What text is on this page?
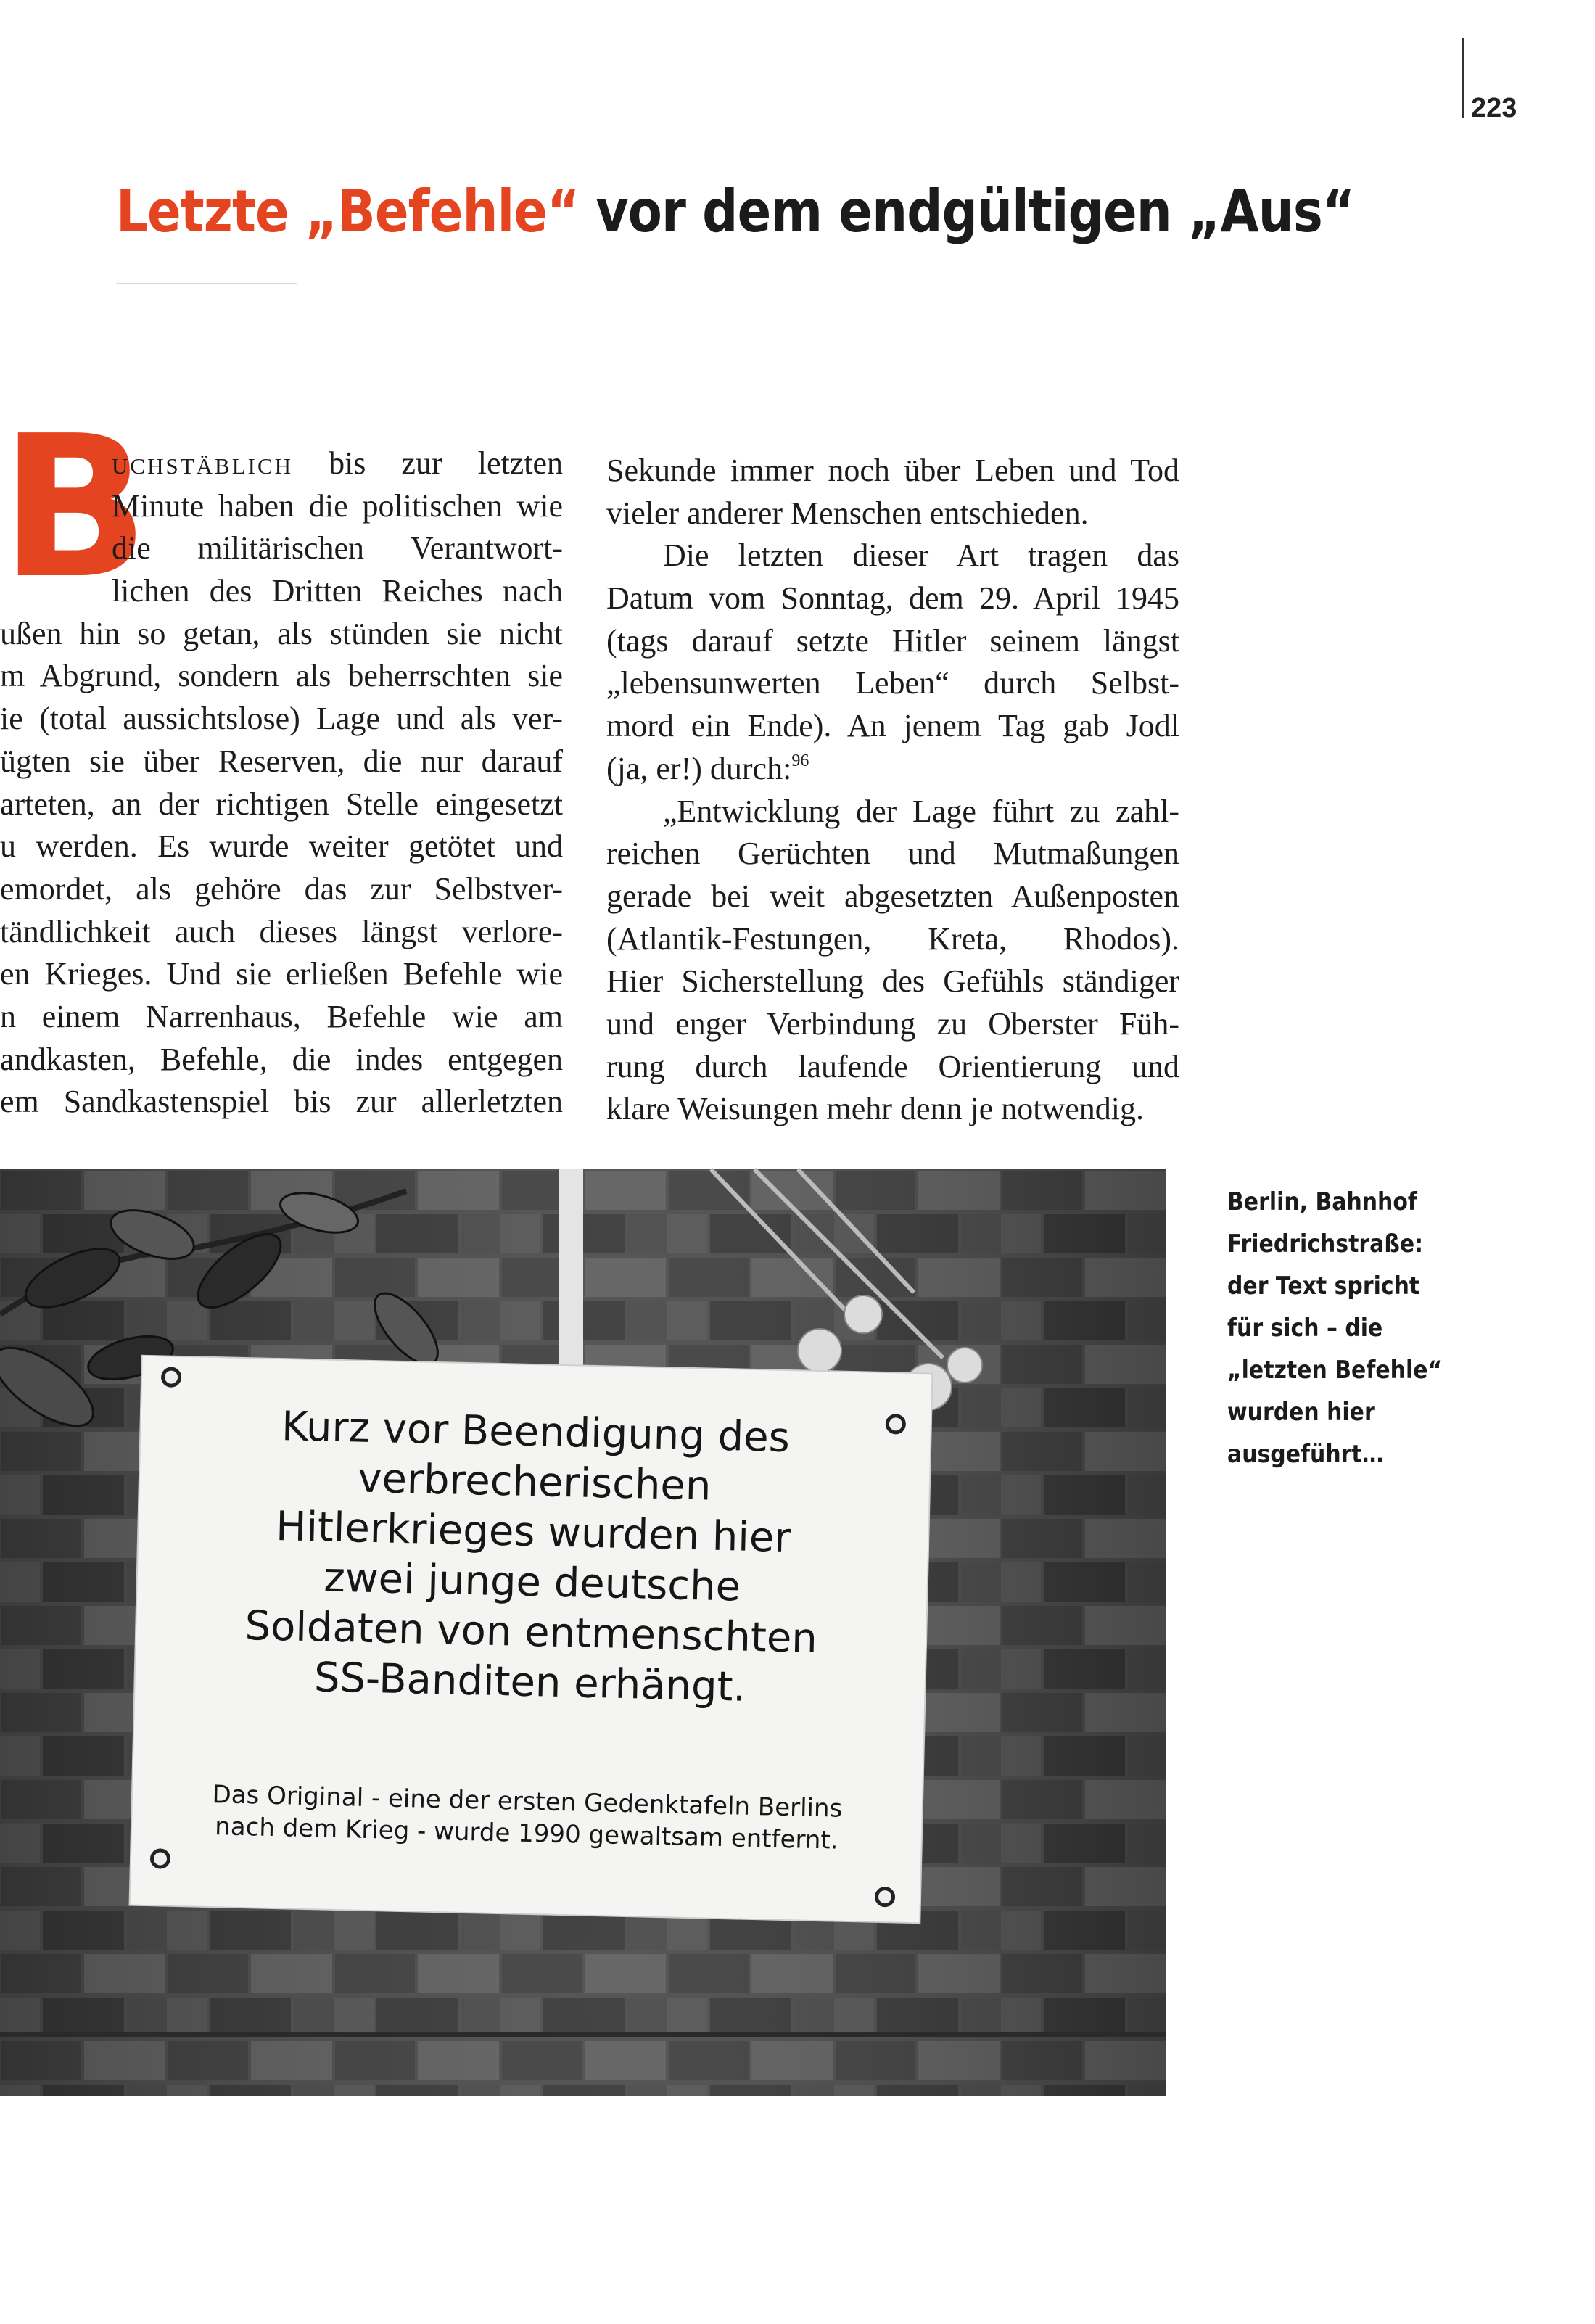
223
Letzte „Befehle“ vor dem endgültigen „Aus“
B
uchstäblich bis zur letzten
Minute haben die politischen wie
die militärischen Verantwort-
lichen des Dritten Reiches nach
ußen hin so getan, als stünden sie nicht
m Abgrund, sondern als beherrschten sie
ie (total aussichtslose) Lage und als ver-
ügten sie über Reserven, die nur darauf
arteten, an der richtigen Stelle eingesetzt
u werden. Es wurde weiter getötet und
emordet, als gehöre das zur Selbstver-
tändlichkeit auch dieses längst verlore-
en Krieges. Und sie erließen Befehle wie
n einem Narrenhaus, Befehle wie am
andkasten, Befehle, die indes entgegen
em Sandkastenspiel bis zur allerletzten
Sekunde immer noch über Leben und Tod
vieler anderer Menschen entschieden.
Die letzten dieser Art tragen das
Datum vom Sonntag, dem 29. April 1945
(tags darauf setzte Hitler seinem längst
„lebensunwerten Leben“ durch Selbst-
mord ein Ende). An jenem Tag gab Jodl
(ja, er!) durch:$^{96}$
„Entwicklung der Lage führt zu zahl-
reichen Gerüchten und Mutmaßungen
gerade bei weit abgesetzten Außenposten
(Atlantik-Festungen, Kreta, Rhodos).
Hier Sicherstellung des Gefühls ständiger
und enger Verbindung zu Oberster Füh-
rung durch laufende Orientierung und
klare Weisungen mehr denn je notwendig.
Kurz vor Beendigung des
verbrecherischen
Hitlerkrieges wurden hier
zwei junge deutsche
Soldaten von entmenschten
SS-Banditen erhängt.
Das Original - eine der ersten Gedenktafeln Berlins
nach dem Krieg - wurde 1990 gewaltsam entfernt.
Berlin, Bahnhof
Friedrichstraße:
der Text spricht
für sich – die
„letzten Befehle“
wurden hier
ausgeführt…
